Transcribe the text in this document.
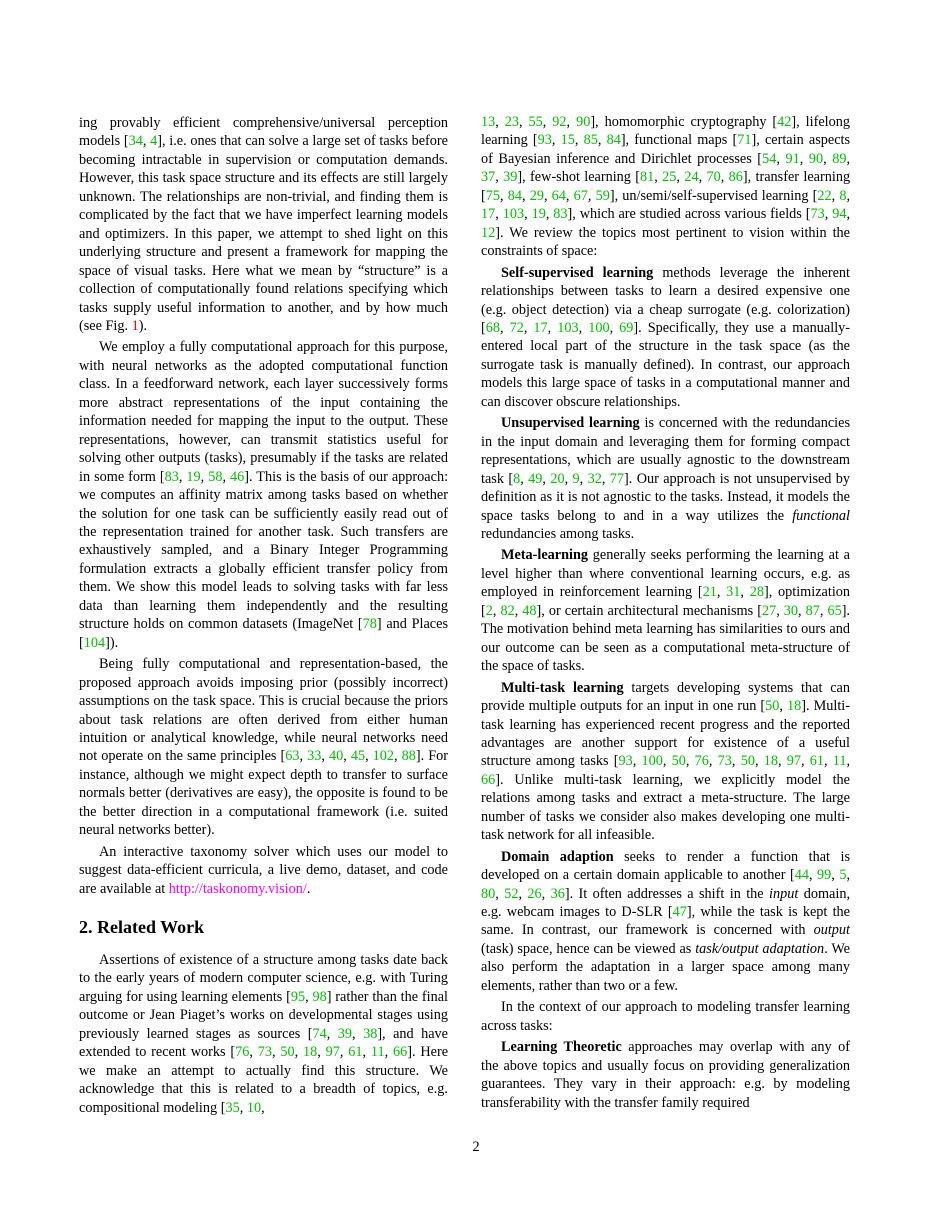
ing provably efficient comprehensive/universal perception models [34, 4], i.e. ones that can solve a large set of tasks before becoming intractable in supervision or computation demands. However, this task space structure and its effects are still largely unknown. The relationships are non-trivial, and finding them is complicated by the fact that we have imperfect learning models and optimizers. In this paper, we attempt to shed light on this underlying structure and present a framework for mapping the space of visual tasks. Here what we mean by “structure” is a collection of computationally found relations specifying which tasks supply useful information to another, and by how much (see Fig. 1).

We employ a fully computational approach for this purpose, with neural networks as the adopted computational function class. In a feedforward network, each layer successively forms more abstract representations of the input containing the information needed for mapping the input to the output. These representations, however, can transmit statistics useful for solving other outputs (tasks), presumably if the tasks are related in some form [83, 19, 58, 46]. This is the basis of our approach: we computes an affinity matrix among tasks based on whether the solution for one task can be sufficiently easily read out of the representation trained for another task. Such transfers are exhaustively sampled, and a Binary Integer Programming formulation extracts a globally efficient transfer policy from them. We show this model leads to solving tasks with far less data than learning them independently and the resulting structure holds on common datasets (ImageNet [78] and Places [104]).

Being fully computational and representation-based, the proposed approach avoids imposing prior (possibly incorrect) assumptions on the task space. This is crucial because the priors about task relations are often derived from either human intuition or analytical knowledge, while neural networks need not operate on the same principles [63, 33, 40, 45, 102, 88]. For instance, although we might expect depth to transfer to surface normals better (derivatives are easy), the opposite is found to be the better direction in a computational framework (i.e. suited neural networks better).

An interactive taxonomy solver which uses our model to suggest data-efficient curricula, a live demo, dataset, and code are available at http://taskonomy.vision/.

2. Related Work

Assertions of existence of a structure among tasks date back to the early years of modern computer science, e.g. with Turing arguing for using learning elements [95, 98] rather than the final outcome or Jean Piaget’s works on developmental stages using previously learned stages as sources [74, 39, 38], and have extended to recent works [76, 73, 50, 18, 97, 61, 11, 66]. Here we make an attempt to actually find this structure. We acknowledge that this is related to a breadth of topics, e.g. compositional modeling [35, 10,

13, 23, 55, 92, 90], homomorphic cryptography [42], lifelong learning [93, 15, 85, 84], functional maps [71], certain aspects of Bayesian inference and Dirichlet processes [54, 91, 90, 89, 37, 39], few-shot learning [81, 25, 24, 70, 86], transfer learning [75, 84, 29, 64, 67, 59], un/semi/self-supervised learning [22, 8, 17, 103, 19, 83], which are studied across various fields [73, 94, 12]. We review the topics most pertinent to vision within the constraints of space:

Self-supervised learning methods leverage the inherent relationships between tasks to learn a desired expensive one (e.g. object detection) via a cheap surrogate (e.g. colorization) [68, 72, 17, 103, 100, 69]. Specifically, they use a manually-entered local part of the structure in the task space (as the surrogate task is manually defined). In contrast, our approach models this large space of tasks in a computational manner and can discover obscure relationships.

Unsupervised learning is concerned with the redundancies in the input domain and leveraging them for forming compact representations, which are usually agnostic to the downstream task [8, 49, 20, 9, 32, 77]. Our approach is not unsupervised by definition as it is not agnostic to the tasks. Instead, it models the space tasks belong to and in a way utilizes the functional redundancies among tasks.

Meta-learning generally seeks performing the learning at a level higher than where conventional learning occurs, e.g. as employed in reinforcement learning [21, 31, 28], optimization [2, 82, 48], or certain architectural mechanisms [27, 30, 87, 65]. The motivation behind meta learning has similarities to ours and our outcome can be seen as a computational meta-structure of the space of tasks.

Multi-task learning targets developing systems that can provide multiple outputs for an input in one run [50, 18]. Multi-task learning has experienced recent progress and the reported advantages are another support for existence of a useful structure among tasks [93, 100, 50, 76, 73, 50, 18, 97, 61, 11, 66]. Unlike multi-task learning, we explicitly model the relations among tasks and extract a meta-structure. The large number of tasks we consider also makes developing one multi-task network for all infeasible.

Domain adaption seeks to render a function that is developed on a certain domain applicable to another [44, 99, 5, 80, 52, 26, 36]. It often addresses a shift in the input domain, e.g. webcam images to D-SLR [47], while the task is kept the same. In contrast, our framework is concerned with output (task) space, hence can be viewed as task/output adaptation. We also perform the adaptation in a larger space among many elements, rather than two or a few.

In the context of our approach to modeling transfer learning across tasks:

Learning Theoretic approaches may overlap with any of the above topics and usually focus on providing generalization guarantees. They vary in their approach: e.g. by modeling transferability with the transfer family required

2
